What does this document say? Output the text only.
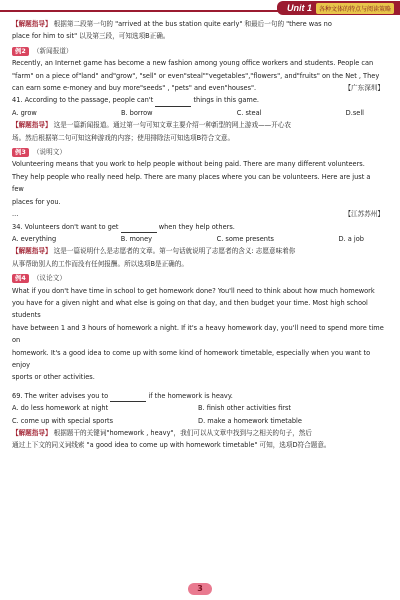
Unit 1	各种文体的特点与阅读策略

【解题指导】 根据第二段第一句的 "arrived at the bus station quite early" 和最后一句的 "there was no

place for him to sit" 以及第三段，可知选项B正确。

例2 （新闻报道）

Recently, an Internet game has become a new fashion among young office workers and students. People can

"farm" on a piece of"land" and"grow", "sell" or even"steal""vegetables","flowers", and"fruits" on the Net , They

can earn some e-money and buy more"seeds" , "pets" and even"houses".	【广东深圳】

41. According to the passage, people can't	things in this game.

A. grow	B. borrow	C. steal	D.sell

【解题指导】 这是一篇新闻报道。通过第一句可知文章主要介绍一种新型的网上游戏——开心农

场。然后根据第二句可知这种游戏的内容；使用排除法可知选项B符合文意。

例3 （说明文）

Volunteering means that you work to help people without being paid. There are many different volunteers.

They help people who really need help. There are many places where you can be volunteers. Here are just a few

places for you.

...	【江苏苏州】

34. Volunteers don't want to get	when they help others.

A. everything	B. money	C. some presents	D. a job

【解题指导】 这是一篇说明什么是志愿者的文章。第一句话就说明了志愿者的含义: 志愿意味着你

从事帮助别人的工作而没有任何报酬。所以选项B是正确的。

例4 （议论文）

What if you don't have time in school to get homework done? You'll need to think about how much homework

you have for a given night and what else is going on that day, and then budget your time. Most high school students

have between 1 and 3 hours of homework a night. If it's a heavy homework day, you'll need to spend more time on

homework. It's a good idea to come up with some kind of homework timetable, especially when you want to enjoy

sports or other activities.

69. The writer advises you to	if the homework is heavy.

A. do less homework at night	B. finish other activities first
C. come up with special sports	D. make a homework timetable

【解题指导】 根据题干的关键词"homework , heavy"，我们可以从文章中找到与之相关的句子，然后

通过上下文的同义词线索 "a good idea to come up with homework timetable" 可知，选项D符合题意。

3
